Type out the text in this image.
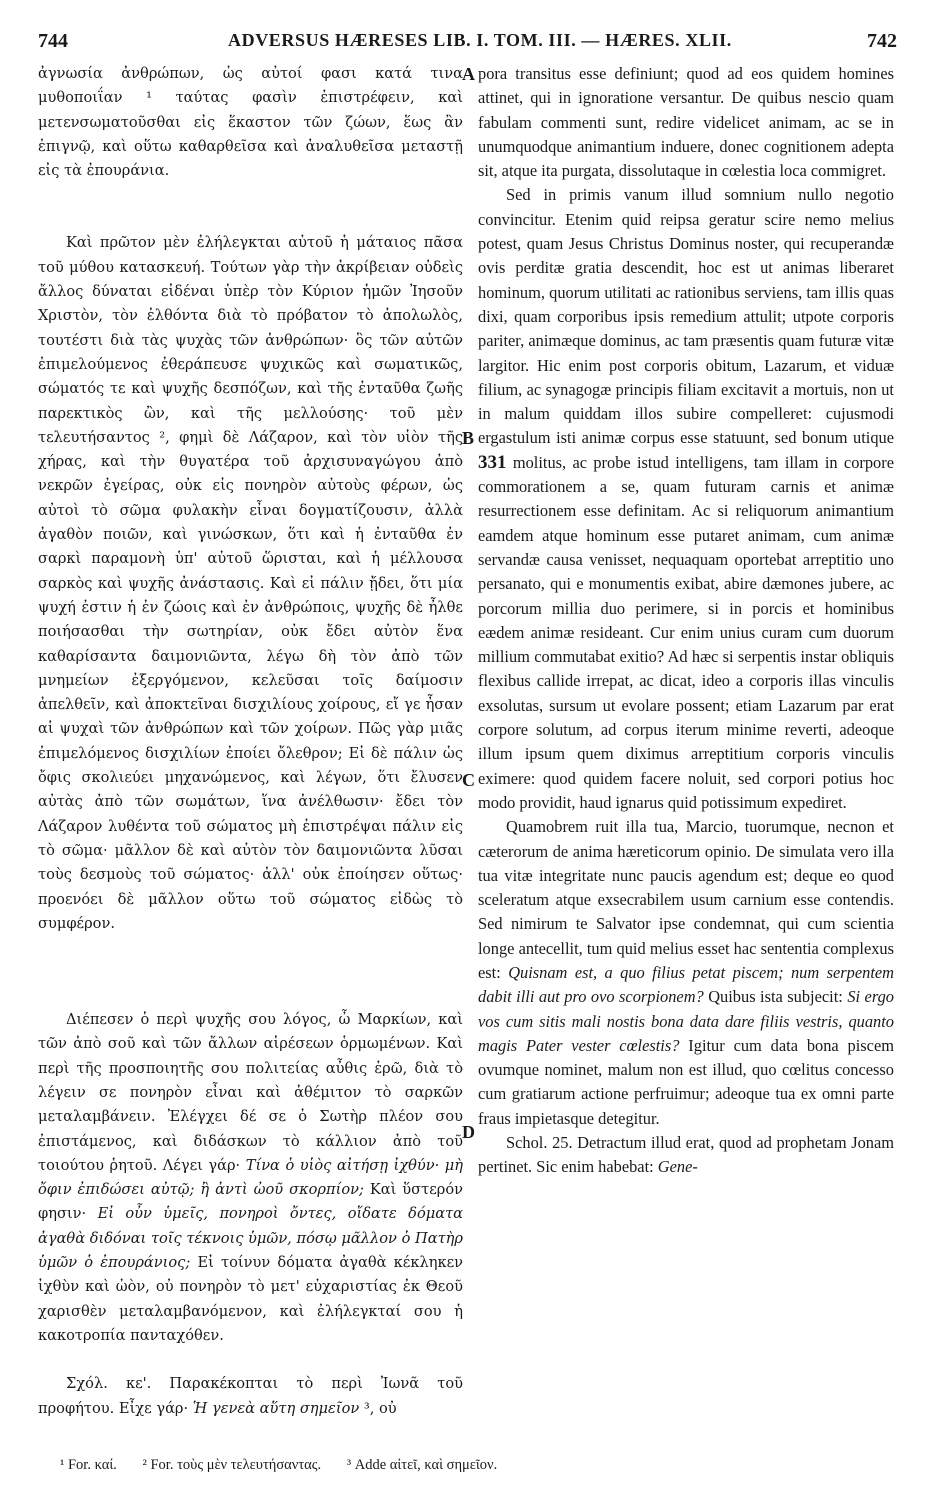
744	ADVERSUS HÆRESES LIB. I. TOM. III. — HÆRES. XLII.	742

ἀγνωσία ἀνθρώπων, ὡς αὐτοί φασι κατά τινα μυθοποιΐαν ¹ ταύτας φασὶν ἐπιστρέφειν, καὶ μετενσωματοῦσθαι εἰς ἕκαστον τῶν ζώων, ἕως ἂν ἐπιγνῷ, καὶ οὕτω καθαρθεῖσα καὶ ἀναλυθεῖσα μεταστῇ εἰς τὰ ἐπουράνια.

Καὶ πρῶτον μὲν ἐλήλεγκται αὐτοῦ ἡ μάταιος πᾶσα τοῦ μύθου κατασκευή. Τούτων γὰρ τὴν ἀκρίβειαν οὐδεὶς ἄλλος δύναται εἰδέναι ὑπὲρ τὸν Κύριον ἡμῶν Ἰησοῦν Χριστὸν, τὸν ἐλθόντα διὰ τὸ πρόβατον τὸ ἀπολωλὸς, τουτέστι διὰ τὰς ψυχὰς τῶν ἀνθρώπων· ὃς τῶν αὐτῶν ἐπιμελούμενος ἐθεράπευσε ψυχικῶς καὶ σωματικῶς, σώματός τε καὶ ψυχῆς δεσπόζων, καὶ τῆς ἐνταῦθα ζωῆς παρεκτικὸς ὢν, καὶ τῆς μελλούσης· τοῦ μὲν τελευτήσαντος ², φημὶ δὲ Λάζαρον, καὶ τὸν υἱὸν τῆς χήρας, καὶ τὴν θυγατέρα τοῦ ἀρχισυναγώγου ἀπὸ νεκρῶν ἐγείρας, οὐκ εἰς πονηρὸν αὐτοὺς φέρων, ὡς αὐτοὶ τὸ σῶμα φυλακὴν εἶναι δογματίζουσιν, ἀλλὰ ἀγαθὸν ποιῶν, καὶ γινώσκων, ὅτι καὶ ἡ ἐνταῦθα ἐν σαρκὶ παραμονὴ ὑπ' αὐτοῦ ὥρισται, καὶ ἡ μέλλουσα σαρκὸς καὶ ψυχῆς ἀνάστασις. Καὶ εἰ πάλιν ᾔδει, ὅτι μία ψυχή ἐστιν ἡ ἐν ζώοις καὶ ἐν ἀνθρώποις, ψυχῆς δὲ ἦλθε ποιήσασθαι τὴν σωτηρίαν, οὐκ ἔδει αὐτὸν ἕνα καθαρίσαντα δαιμονιῶντα, λέγω δὴ τὸν ἀπὸ τῶν μνημείων ἐξεργόμενον, κελεῦσαι τοῖς δαίμοσιν ἀπελθεῖν, καὶ ἀποκτεῖναι δισχιλίους χοίρους, εἴ γε ἦσαν αἱ ψυχαὶ τῶν ἀνθρώπων καὶ τῶν χοίρων. Πῶς γὰρ μιᾶς ἐπιμελόμενος δισχιλίων ἐποίει ὄλεθρον; Εἰ δὲ πάλιν ὡς ὄφις σκολιεύει μηχανώμενος, καὶ λέγων, ὅτι ἔλυσεν αὐτὰς ἀπὸ τῶν σωμάτων, ἵνα ἀνέλθωσιν· ἔδει τὸν Λάζαρον λυθέντα τοῦ σώματος μὴ ἐπιστρέψαι πάλιν εἰς τὸ σῶμα· μᾶλλον δὲ καὶ αὐτὸν τὸν δαιμονιῶντα λῦσαι τοὺς δεσμοὺς τοῦ σώματος· ἀλλ' οὐκ ἐποίησεν οὕτως· προενόει δὲ μᾶλλον οὕτω τοῦ σώματος εἰδὼς τὸ συμφέρον.

Διέπεσεν ὁ περὶ ψυχῆς σου λόγος, ὦ Μαρκίων, καὶ τῶν ἀπὸ σοῦ καὶ τῶν ἄλλων αἱρέσεων ὁρμωμένων. Καὶ περὶ τῆς προσποιητῆς σου πολιτείας αὖθις ἐρῶ, διὰ τὸ λέγειν σε πονηρὸν εἶναι καὶ ἀθέμιτον τὸ σαρκῶν μεταλαμβάνειν. Ἐλέγχει δέ σε ὁ Σωτὴρ πλέον σου ἐπιστάμενος, καὶ διδάσκων τὸ κάλλιον ἀπὸ τοῦ τοιούτου ῥητοῦ. Λέγει γάρ· Τίνα ὁ υἱὸς αἰτήσῃ ἰχθύν· μὴ ὄφιν ἐπιδώσει αὐτῷ; ἢ ἀντὶ ὠοῦ σκορπίον; Καὶ ὕστερόν φησιν· Εἰ οὖν ὑμεῖς, πονηροὶ ὄντες, οἴδατε δόματα ἀγαθὰ διδόναι τοῖς τέκνοις ὑμῶν, πόσῳ μᾶλλον ὁ Πατὴρ ὑμῶν ὁ ἐπουράνιος; Εἰ τοίνυν δόματα ἀγαθὰ κέκληκεν ἰχθὺν καὶ ὠὸν, οὐ πονηρὸν τὸ μετ' εὐχαριστίας ἐκ Θεοῦ χαρισθὲν μεταλαμβανόμενον, καὶ ἐλήλεγκταί σου ἡ κακοτροπία πανταχόθεν.

Σχόλ. κε'. Παρακέκοπται τὸ περὶ Ἰωνᾶ τοῦ προφήτου. Εἶχε γάρ· Ἡ γενεὰ αὕτη σημεῖον ³, οὐ

A
B
C
D

pora transitus esse definiunt; quod ad eos quidem homines attinet, qui in ignoratione versantur. De quibus nescio quam fabulam commenti sunt, redire videlicet animam, ac se in unumquodque animantium induere, donec cognitionem adepta sit, atque ita purgata, dissolutaque in cœlestia loca commigret.

Sed in primis vanum illud somnium nullo negotio convincitur. Etenim quid reipsa geratur scire nemo melius potest, quam Jesus Christus Dominus noster, qui recuperandæ ovis perditæ gratia descendit, hoc est ut animas liberaret hominum, quorum utilitati ac rationibus serviens, tam illis quas dixi, quam corporibus ipsis remedium attulit; utpote corporis pariter, animæque dominus, ac tam præsentis quam futuræ vitæ largitor. Hic enim post corporis obitum, Lazarum, et viduæ filium, ac synagogæ principis filiam excitavit a mortuis, non ut in malum quiddam illos subire compelleret: cujusmodi ergastulum isti animæ corpus esse statuunt, sed bonum utique 331 molitus, ac probe istud intelligens, tam illam in corpore commorationem a se, quam futuram carnis et animæ resurrectionem esse definitam. Ac si reliquorum animantium eamdem atque hominum esse putaret animam, cum animæ servandæ causa venisset, nequaquam oportebat arreptitio uno persanato, qui e monumentis exibat, abire dæmones jubere, ac porcorum millia duo perimere, si in porcis et hominibus eædem animæ resideant. Cur enim unius curam cum duorum millium commutabat exitio? Ad hæc si serpentis instar obliquis flexibus callide irrepat, ac dicat, ideo a corporis illas vinculis exsolutas, sursum ut evolare possent; etiam Lazarum par erat corpore solutum, ad corpus iterum minime reverti, adeoque illum ipsum quem diximus arreptitium corporis vinculis eximere: quod quidem facere noluit, sed corpori potius hoc modo providit, haud ignarus quid potissimum expediret.

Quamobrem ruit illa tua, Marcio, tuorumque, necnon et cæterorum de anima hæreticorum opinio. De simulata vero illa tua vitæ integritate nunc paucis agendum est; deque eo quod sceleratum atque exsecrabilem usum carnium esse contendis. Sed nimirum te Salvator ipse condemnat, qui cum scientia longe antecellit, tum quid melius esset hac sententia complexus est: Quisnam est, a quo filius petat piscem; num serpentem dabit illi aut pro ovo scorpionem? Quibus ista subjecit: Si ergo vos cum sitis mali nostis bona data dare filiis vestris, quanto magis Pater vester cœlestis? Igitur cum data bona piscem ovumque nominet, malum non est illud, quo cœlitus concesso cum gratiarum actione perfruimur; adeoque tua ex omni parte fraus impietasque detegitur.

Schol. 25. Detractum illud erat, quod ad prophetam Jonam pertinet. Sic enim habebat: Gene-

¹ For. καί. ² For. τοὺς μὲν τελευτήσαντας. ³ Adde αἰτεῖ, καὶ σημεῖον.
